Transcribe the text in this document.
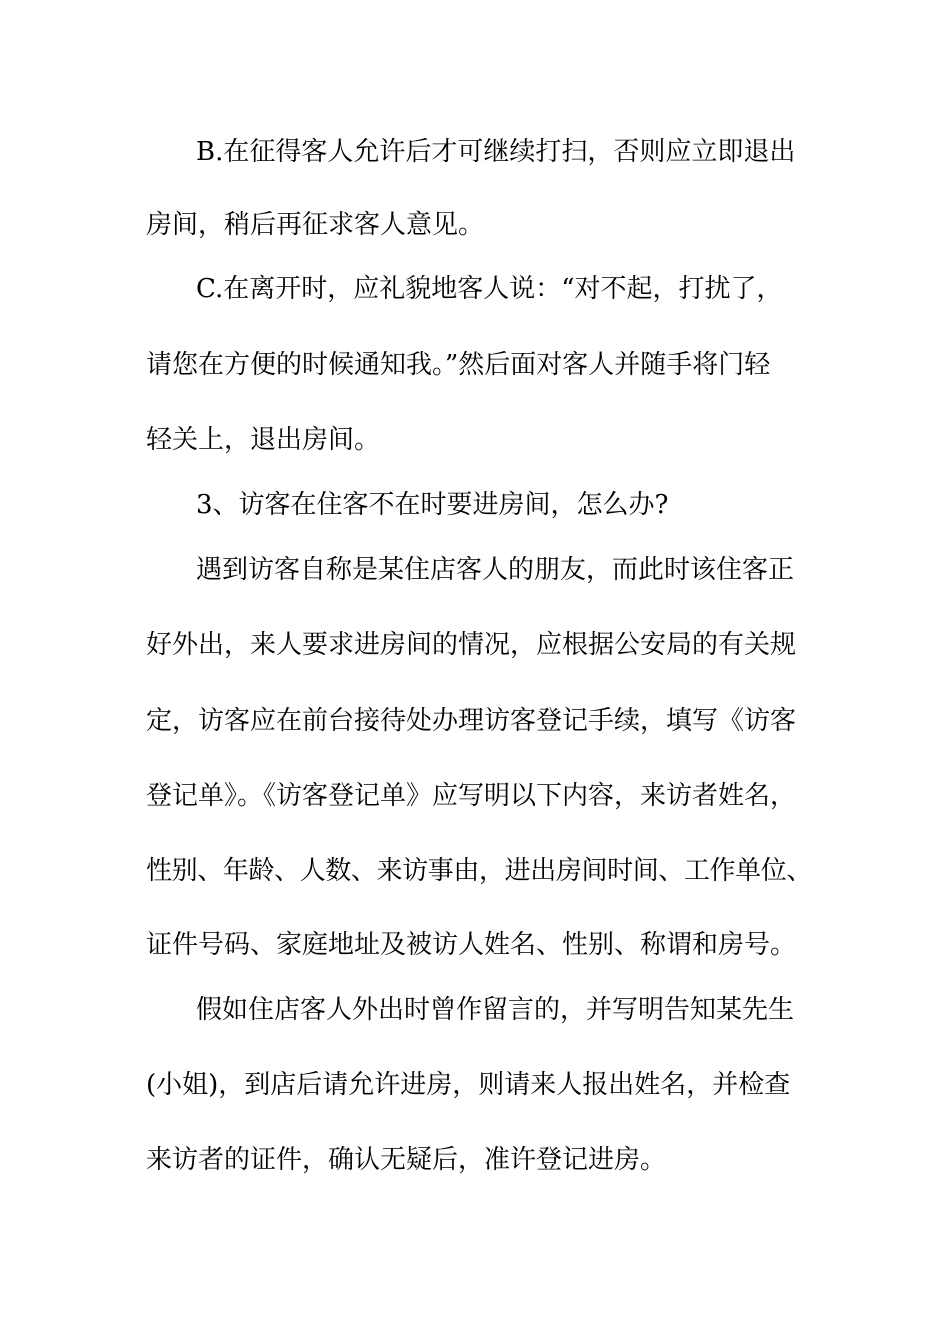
B.在征得客人允许后才可继续打扫，否则应立即退出
房间，稍后再征求客人意见。
C.在离开时，应礼貌地客人说：“对不起，打扰了，
请您在方便的时候通知我。”然后面对客人并随手将门轻
轻关上，退出房间。
3、访客在住客不在时要进房间，怎么办?
遇到访客自称是某住店客人的朋友，而此时该住客正
好外出，来人要求进房间的情况，应根据公安局的有关规
定，访客应在前台接待处办理访客登记手续，填写《访客
登记单》。《访客登记单》应写明以下内容，来访者姓名，
性别、年龄、人数、来访事由，进出房间时间、工作单位、
证件号码、家庭地址及被访人姓名、性别、称谓和房号。
假如住店客人外出时曾作留言的，并写明告知某先生
(小姐)，到店后请允许进房，则请来人报出姓名，并检查
来访者的证件，确认无疑后，准许登记进房。
